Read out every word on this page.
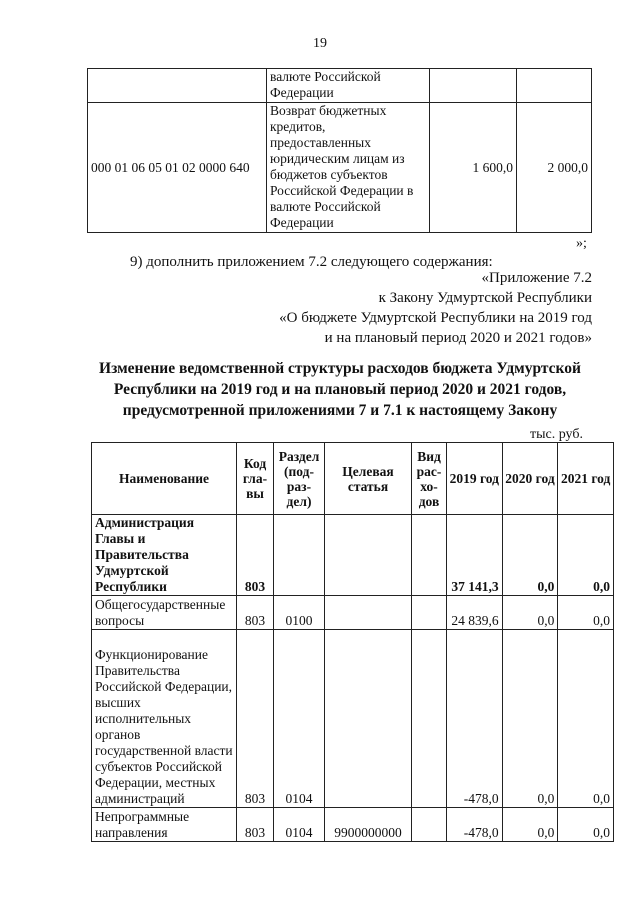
19
	валюте Российской Федерации		
000 01 06 05 01 02 0000 640	Возврат бюджетных кредитов, предоставленных юридическим лицам из бюджетов субъектов Российской Федерации в валюте Российской Федерации	1 600,0	2 000,0
»;
9) дополнить приложением 7.2 следующего содержания:
«Приложение 7.2
к Закону Удмуртской Республики
«О бюджете Удмуртской Республики на 2019 год
и на плановый период 2020 и 2021 годов»
Изменение ведомственной структуры расходов бюджета Удмуртской Республики на 2019 год и на плановый период 2020 и 2021 годов, предусмотренной приложениями 7 и 7.1 к настоящему Закону
тыс. руб.
Наименование	Код гла-вы	Раздел (под-раз-дел)	Целевая статья	Вид рас-хо-дов	2019 год	2020 год	2021 год
Администрация Главы и Правительства Удмуртской Республики	803				37 141,3	0,0	0,0
Общегосударственные вопросы	803	0100			24 839,6	0,0	0,0
Функционирование Правительства Российской Федерации, высших исполнительных органов государственной власти субъектов Российской Федерации, местных администраций	803	0104			-478,0	0,0	0,0
Непрограммные направления	803	0104	9900000000		-478,0	0,0	0,0
